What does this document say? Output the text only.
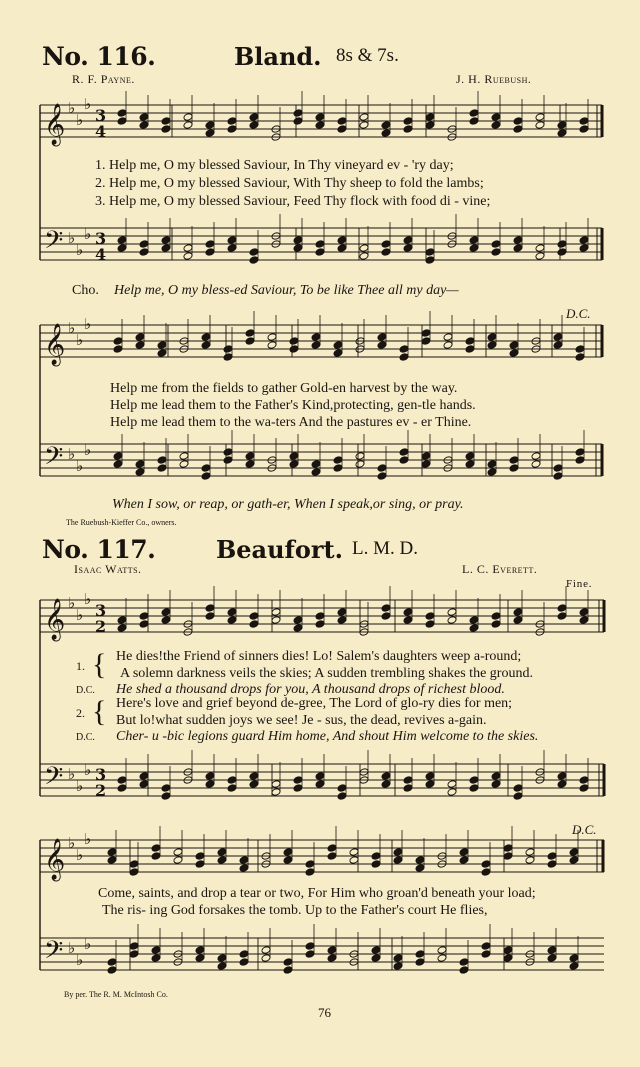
No. 116.	Bland. 8s & 7s.
R. F. Payne.	J. H. Ruebush.
𝄞
𝄢
𝄞
𝄢
𝄞
𝄢
𝄞
𝄢
♭
♭
♭
♭
♭
♭
♭
♭
♭
♭
♭
♭
♭
♭
♭
♭
♭
♭
♭
♭
♭
♭
♭
♭
3
4
3
4
3
2
3
2
1. Help me, O my blessed Saviour, In Thy vineyard ev - 'ry day;
2. Help me, O my blessed Saviour, With Thy sheep to fold the lambs;
3. Help me, O my blessed Saviour, Feed Thy flock with food di - vine;
Cho. Help me, O my bless-ed Saviour, To be like Thee all my day—
D.C.
Help me from the fields to gather Gold-en harvest by the way.
Help me lead them to the Father's Kind,protecting, gen-tle hands.
Help me lead them to the wa-ters And the pastures ev - er Thine.
When I sow, or reap, or gath-er, When I speak,or sing, or pray.
The Ruebush-Kieffer Co., owners.
No. 117.	Beaufort. L. M. D.
Isaac Watts.	L. C. Everett.
Fine.
1. { He dies!the Friend of sinners dies! Lo! Salem's daughters weep a-round;
A solemn darkness veils the skies; A sudden trembling shakes the ground.
D.C. He shed a thousand drops for you, A thousand drops of richest blood.
2. { Here's love and grief beyond de-gree, The Lord of glo-ry dies for men;
But lo!what sudden joys we see! Je - sus, the dead, revives a-gain.
D.C. Cher- u -bic legions guard Him home, And shout Him welcome to the skies.
D.C.
Come, saints, and drop a tear or two, For Him who groan'd beneath your load;
The ris- ing God forsakes the tomb. Up to the Father's court He flies,
By per. The R. M. McIntosh Co.
76
